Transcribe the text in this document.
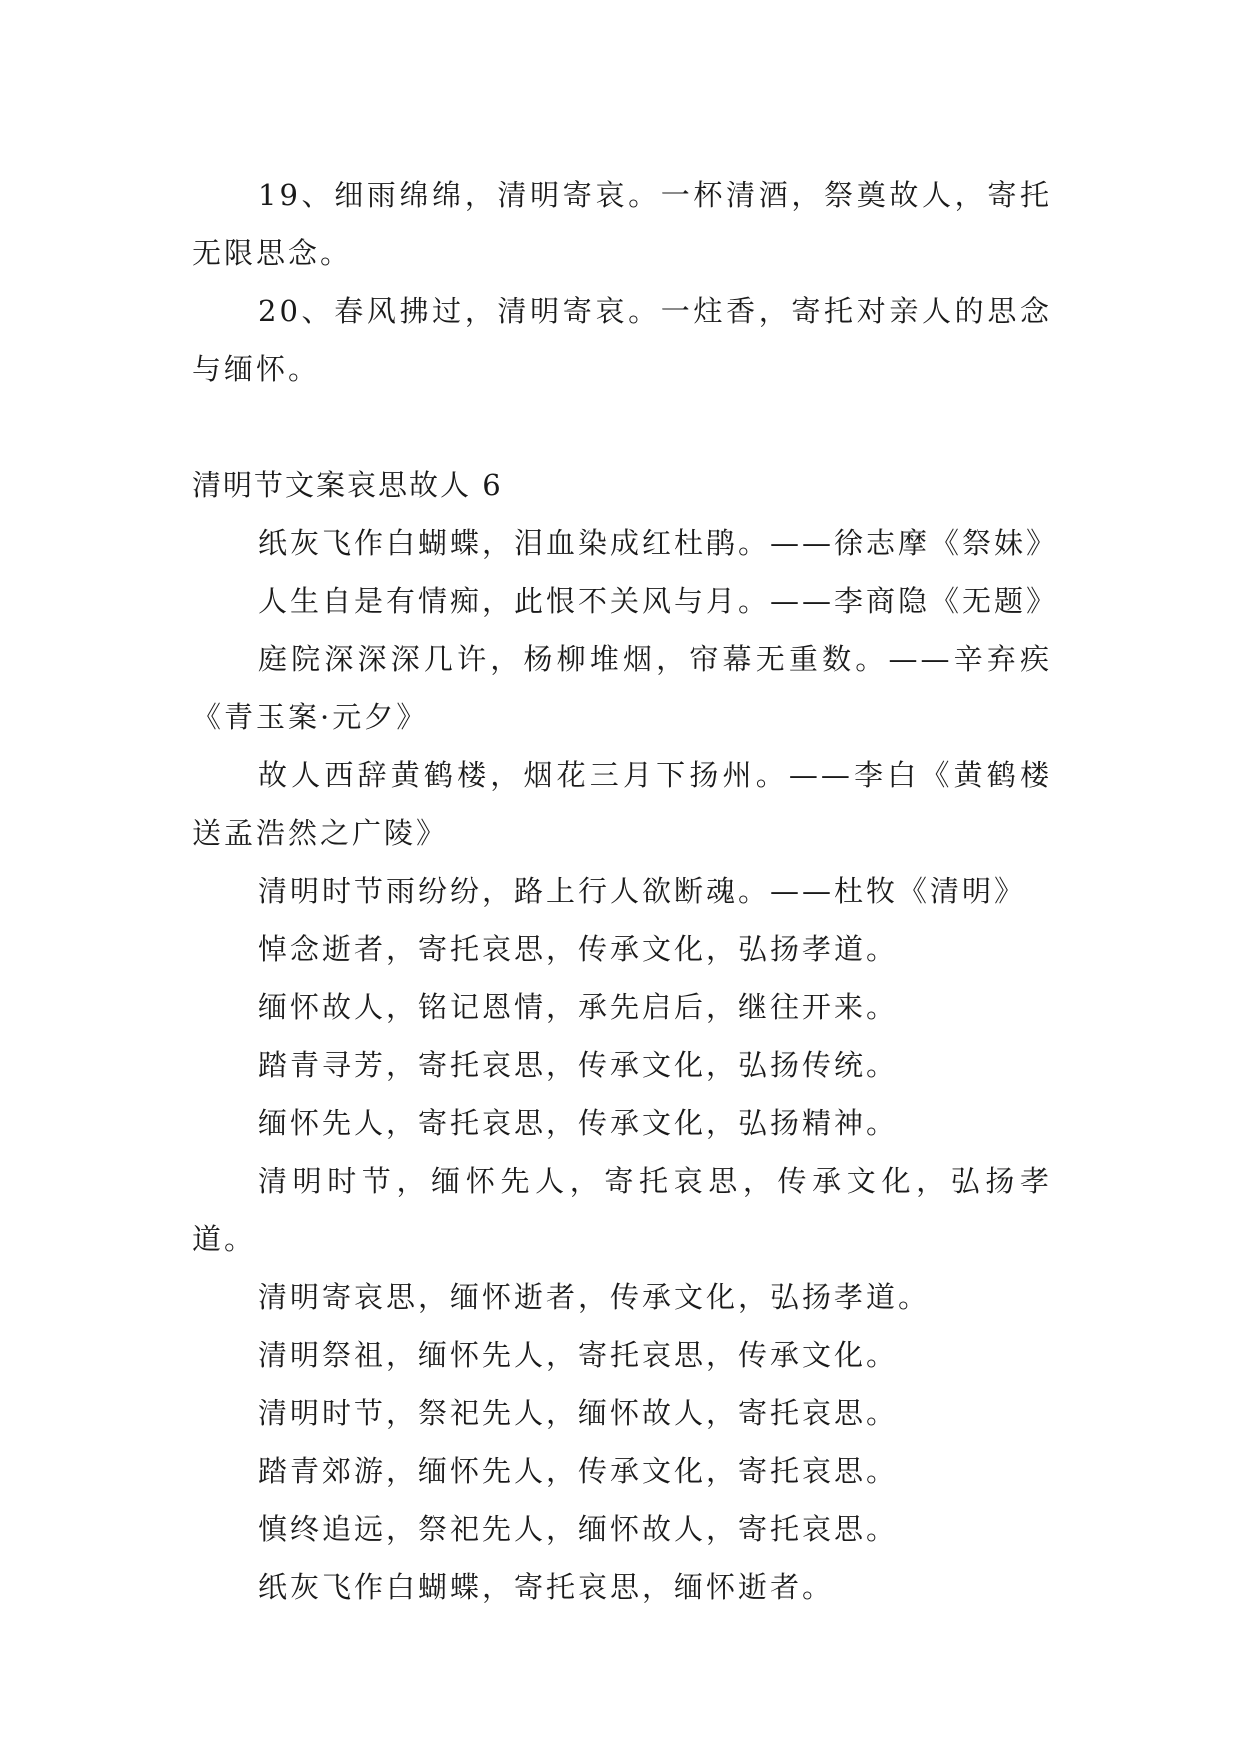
19、细雨绵绵，清明寄哀。一杯清酒，祭奠故人，寄托无限思念。

20、春风拂过，清明寄哀。一炷香，寄托对亲人的思念与缅怀。

清明节文案哀思故人 6

纸灰飞作白蝴蝶，泪血染成红杜鹃。——徐志摩《祭妹》

人生自是有情痴，此恨不关风与月。——李商隐《无题》

庭院深深深几许，杨柳堆烟，帘幕无重数。——辛弃疾《青玉案·元夕》

故人西辞黄鹤楼，烟花三月下扬州。——李白《黄鹤楼送孟浩然之广陵》

清明时节雨纷纷，路上行人欲断魂。——杜牧《清明》

悼念逝者，寄托哀思，传承文化，弘扬孝道。

缅怀故人，铭记恩情，承先启后，继往开来。

踏青寻芳，寄托哀思，传承文化，弘扬传统。

缅怀先人，寄托哀思，传承文化，弘扬精神。

清明时节，缅怀先人，寄托哀思，传承文化，弘扬孝道。

清明寄哀思，缅怀逝者，传承文化，弘扬孝道。

清明祭祖，缅怀先人，寄托哀思，传承文化。

清明时节，祭祀先人，缅怀故人，寄托哀思。

踏青郊游，缅怀先人，传承文化，寄托哀思。

慎终追远，祭祀先人，缅怀故人，寄托哀思。

纸灰飞作白蝴蝶，寄托哀思，缅怀逝者。
